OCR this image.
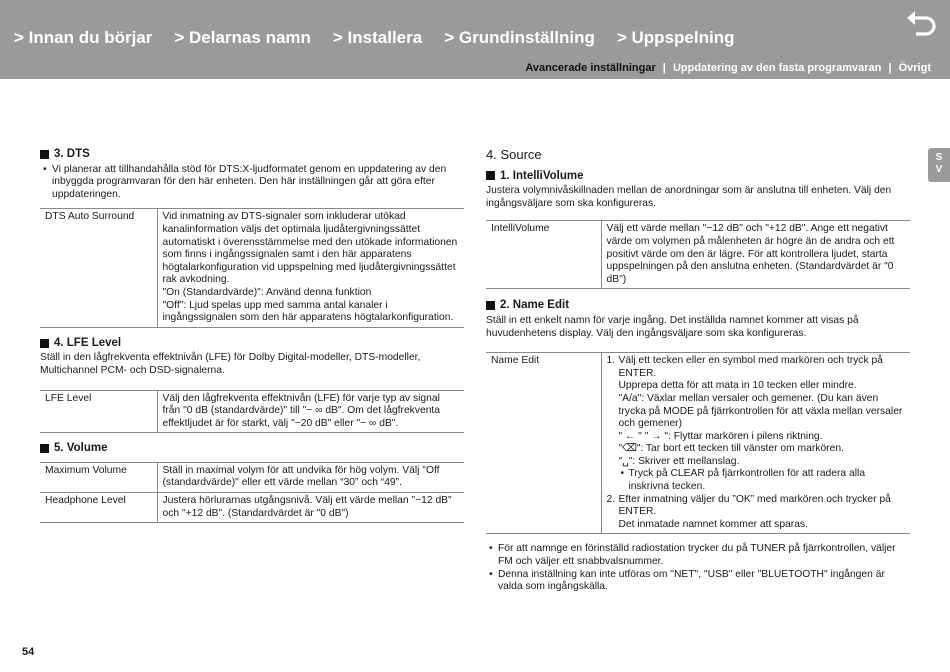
> Innan du börjar > Delarnas namn > Installera > Grundinställning > Uppspelning
Avancerade inställningar | Uppdatering av den fasta programvaran | Övrigt
3. DTS
• Vi planerar att tillhandahålla stöd för DTS:X-ljudformatet genom en uppdatering av den inbyggda programvaran för den här enheten. Den här inställningen går att göra efter uppdateringen.
DTS Auto Surround	Vid inmatning av DTS-signaler som inkluderar utökad kanalinformation väljs det optimala ljudåtergivningssättet automatiskt i överensstämmelse med den utökade informationen som finns i ingångssignalen samt i den här apparatens högtalarkonfiguration vid uppspelning med ljudåtergivningssättet rak avkodning.
"On (Standardvärde)": Använd denna funktion
"Off": Ljud spelas upp med samma antal kanaler i ingångssignalen som den här apparatens högtalarkonfiguration.
4. LFE Level
Ställ in den lågfrekventa effektnivån (LFE) för Dolby Digital-modeller, DTS-modeller, Multichannel PCM- och DSD-signalerna.
LFE Level	Välj den lågfrekventa effektnivån (LFE) för varje typ av signal från "0 dB (standardvärde)" till "− ∞ dB". Om det lågfrekventa effektljudet är för starkt, välj "−20 dB" eller "− ∞ dB".
5. Volume
Maximum Volume	Ställ in maximal volym för att undvika för hög volym. Välj "Off (standardvärde)" eller ett värde mellan “30” och “49”.
Headphone Level	Justera hörlurarnas utgångsnivå. Välj ett värde mellan "−12 dB" och "+12 dB". (Standardvärdet är "0 dB")
4. Source
1. IntelliVolume
Justera volymnivåskillnaden mellan de anordningar som är anslutna till enheten. Välj den ingångsväljare som ska konfigureras.
IntelliVolume	Välj ett värde mellan "−12 dB" och "+12 dB". Ange ett negativt värde om volymen på målenheten är högre än de andra och ett positivt värde om den är lägre. För att kontrollera ljudet, starta uppspelningen på den anslutna enheten. (Standardvärdet är "0 dB")
2. Name Edit
Ställ in ett enkelt namn för varje ingång. Det inställda namnet kommer att visas på huvudenhetens display. Välj den ingångsväljare som ska konfigureras.
Name Edit	1. Välj ett tecken eller en symbol med markören och tryck på ENTER.
Upprepa detta för att mata in 10 tecken eller mindre.
"A/a": Växlar mellan versaler och gemener. (Du kan även trycka på MODE på fjärrkontrollen för att växla mellan versaler och gemener)
" ← " " → ": Flyttar markören i pilens riktning.
"⌫": Tar bort ett tecken till vänster om markören.
"␣": Skriver ett mellanslag.
• Tryck på CLEAR på fjärrkontrollen för att radera alla inskrivna tecken.
2. Efter inmatning väljer du ”OK” med markören och trycker på ENTER.
Det inmatade namnet kommer att sparas.
• För att namnge en förinställd radiostation trycker du på TUNER på fjärrkontrollen, väljer FM och väljer ett snabbvalsnummer.
• Denna inställning kan inte utföras om "NET", "USB" eller "BLUETOOTH" ingången är valda som ingångskälla.
S
V
54
